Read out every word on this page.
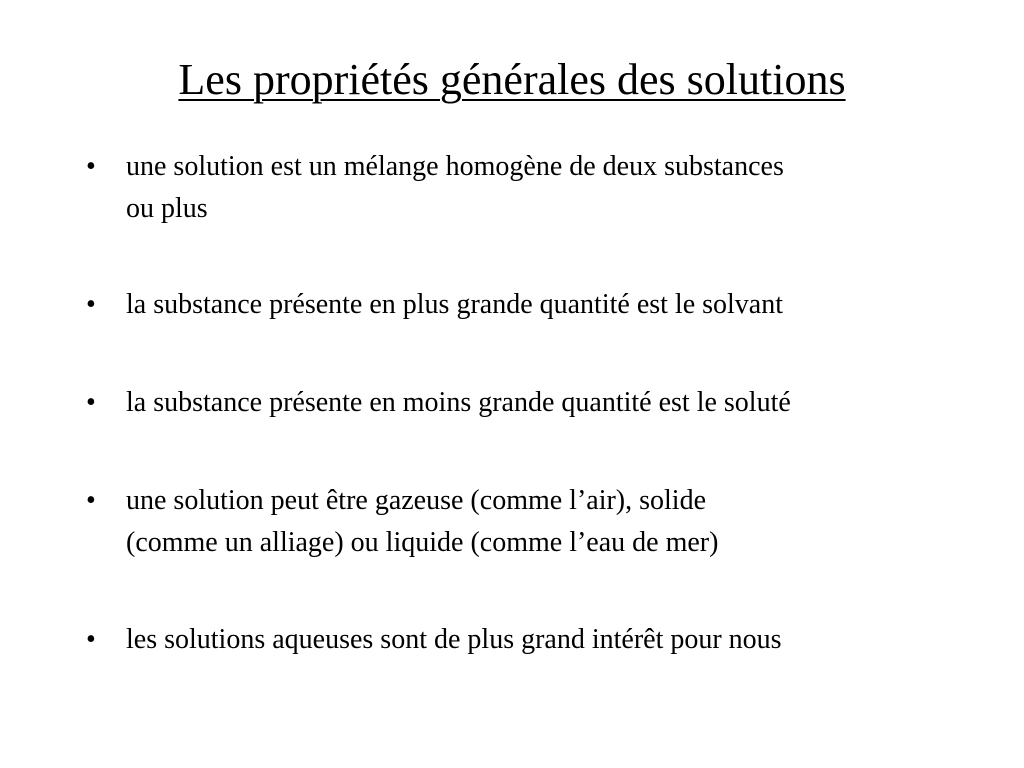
Les propriétés générales des solutions
•	une solution est un mélange homogène de deux substances
ou plus
•	la substance présente en plus grande quantité est le solvant
•	la substance présente en moins grande quantité est le soluté
•	une solution peut être gazeuse (comme l’air), solide
(comme un alliage) ou liquide (comme l’eau de mer)
•	les solutions aqueuses sont de plus grand intérêt pour nous
